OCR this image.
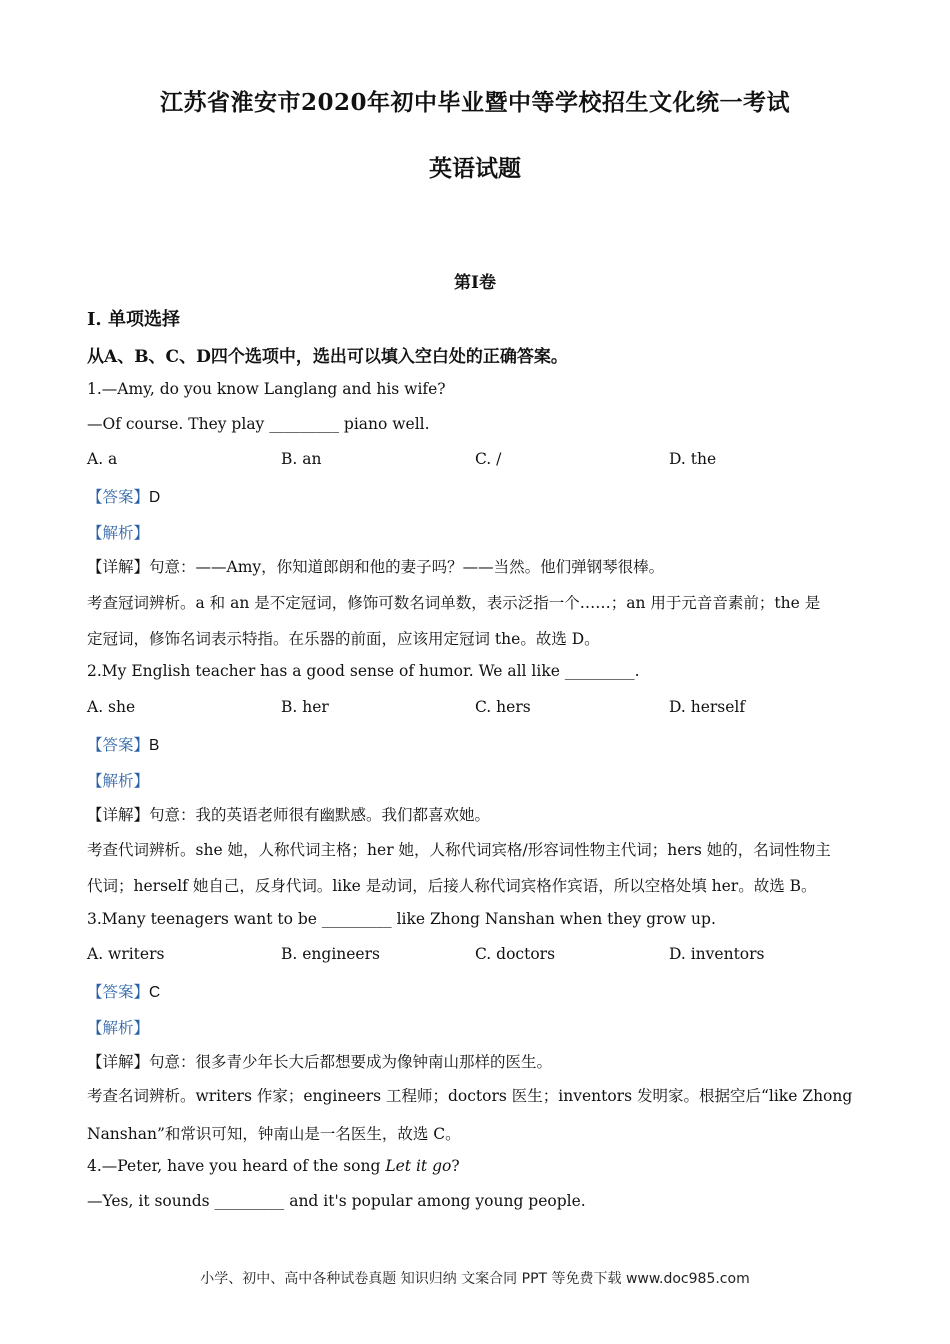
江苏省淮安市2020年初中毕业暨中等学校招生文化统一考试
英语试题
第I卷
I. 单项选择
从A、B、C、D四个选项中，选出可以填入空白处的正确答案。
1.—Amy, do you know Langlang and his wife?
—Of course. They play _________ piano well.
A. a	B. an	C. /	D. the
【答案】D
【解析】
【详解】句意：——Amy，你知道郎朗和他的妻子吗？——当然。他们弹钢琴很棒。
考查冠词辨析。a 和 an 是不定冠词，修饰可数名词单数，表示泛指一个……；an 用于元音音素前；the 是
定冠词，修饰名词表示特指。在乐器的前面，应该用定冠词 the。故选 D。
2.My English teacher has a good sense of humor. We all like _________.
A. she	B. her	C. hers	D. herself
【答案】B
【解析】
【详解】句意：我的英语老师很有幽默感。我们都喜欢她。
考查代词辨析。she 她，人称代词主格；her 她，人称代词宾格/形容词性物主代词；hers 她的，名词性物主
代词；herself 她自己，反身代词。like 是动词，后接人称代词宾格作宾语，所以空格处填 her。故选 B。
3.Many teenagers want to be _________ like Zhong Nanshan when they grow up.
A. writers	B. engineers	C. doctors	D. inventors
【答案】C
【解析】
【详解】句意：很多青少年长大后都想要成为像钟南山那样的医生。
考查名词辨析。writers 作家；engineers 工程师；doctors 医生；inventors 发明家。根据空后“like Zhong
Nanshan”和常识可知，钟南山是一名医生，故选 C。
4.—Peter, have you heard of the song Let it go?
—Yes, it sounds _________ and it's popular among young people.
小学、初中、高中各种试卷真题 知识归纳 文案合同 PPT 等免费下载 www.doc985.com
